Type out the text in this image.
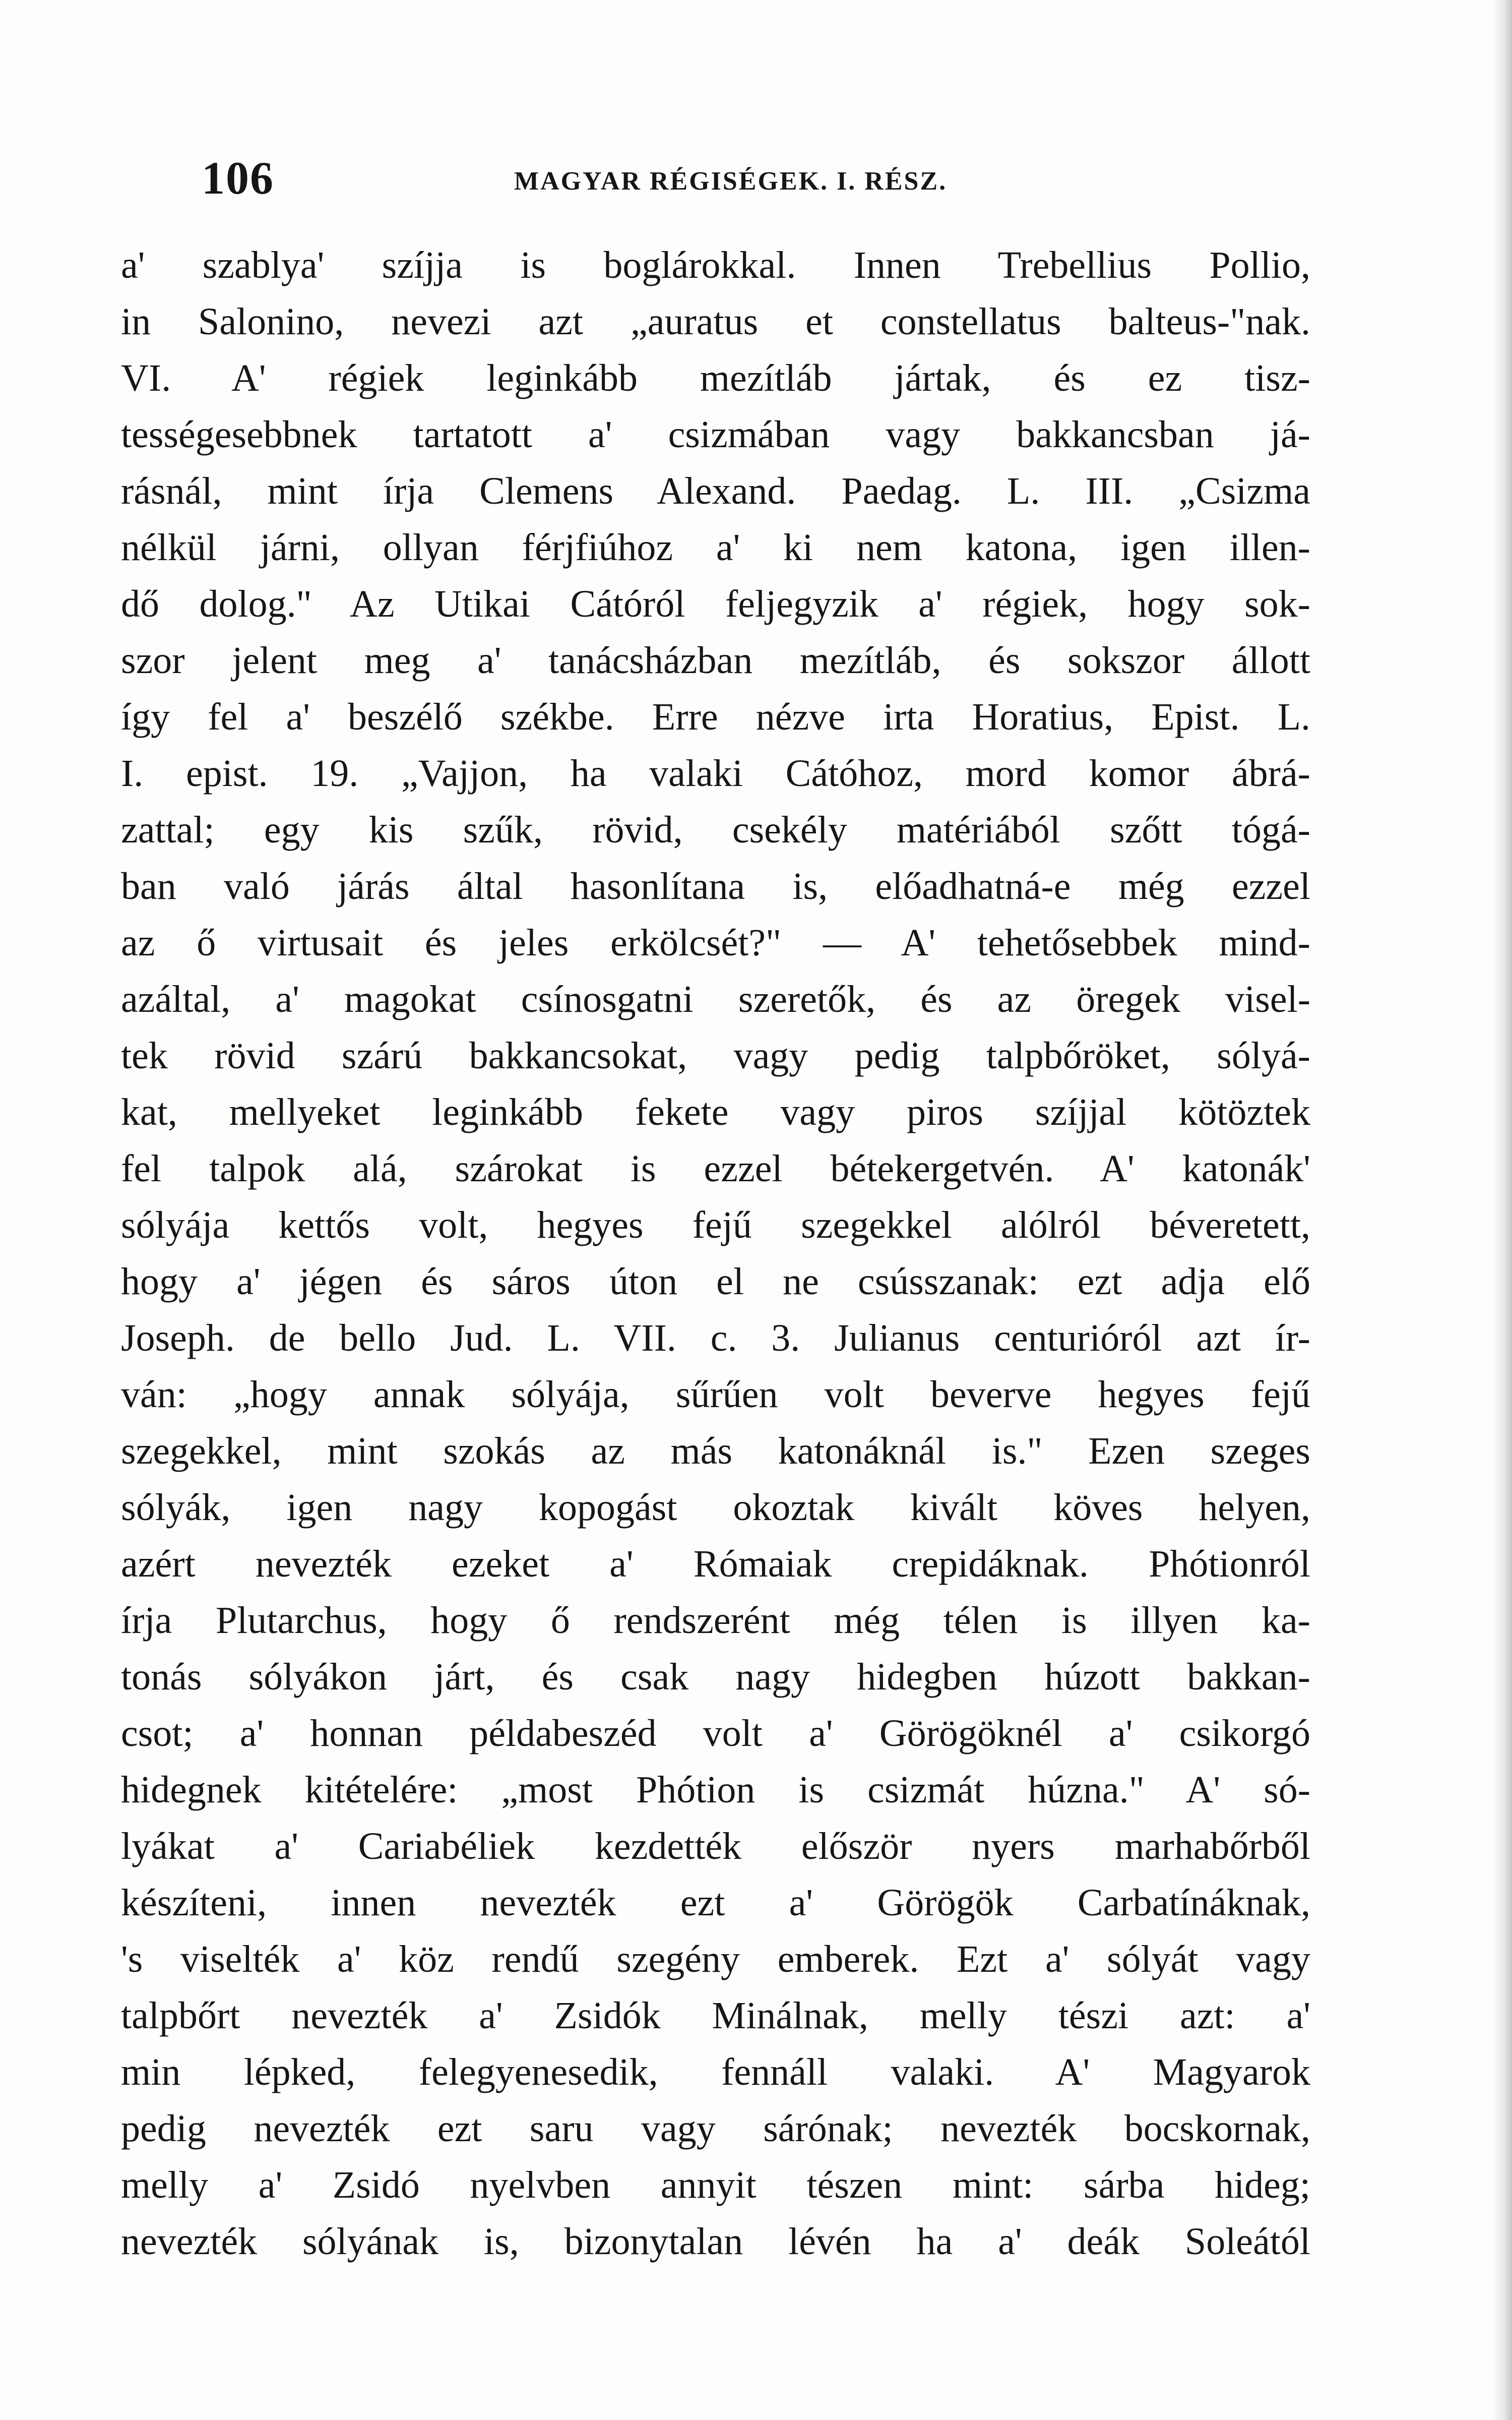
106	MAGYAR RÉGISÉGEK. I. RÉSZ.
a' szablya' szíjja is boglárokkal. Innen Trebellius Pollio,
in Salonino, nevezi azt „auratus et constellatus balteus-"nak.
VI. A' régiek leginkább mezítláb jártak, és ez tisz-
tességesebbnek tartatott a' csizmában vagy bakkancsban já-
rásnál, mint írja Clemens Alexand. Paedag. L. III. „Csizma
nélkül járni, ollyan férjfiúhoz a' ki nem katona, igen illen-
dő dolog." Az Utikai Cátóról feljegyzik a' régiek, hogy sok-
szor jelent meg a' tanácsházban mezítláb, és sokszor állott
így fel a' beszélő székbe. Erre nézve irta Horatius, Epist. L.
I. epist. 19. „Vajjon, ha valaki Cátóhoz, mord komor ábrá-
zattal; egy kis szűk, rövid, csekély matériából szőtt tógá-
ban való járás által hasonlítana is, előadhatná-e még ezzel
az ő virtusait és jeles erkölcsét?" — A' tehetősebbek mind-
azáltal, a' magokat csínosgatni szeretők, és az öregek visel-
tek rövid szárú bakkancsokat, vagy pedig talpbőröket, sólyá-
kat, mellyeket leginkább fekete vagy piros szíjjal kötöztek
fel talpok alá, szárokat is ezzel bétekergetvén. A' katonák'
sólyája kettős volt, hegyes fejű szegekkel alólról béveretett,
hogy a' jégen és sáros úton el ne csússzanak: ezt adja elő
Joseph. de bello Jud. L. VII. c. 3. Julianus centurióról azt ír-
ván: „hogy annak sólyája, sűrűen volt beverve hegyes fejű
szegekkel, mint szokás az más katonáknál is." Ezen szeges
sólyák, igen nagy kopogást okoztak kivált köves helyen,
azért nevezték ezeket a' Rómaiak crepidáknak. Phótionról
írja Plutarchus, hogy ő rendszerént még télen is illyen ka-
tonás sólyákon járt, és csak nagy hidegben húzott bakkan-
csot; a' honnan példabeszéd volt a' Görögöknél a' csikorgó
hidegnek kitételére: „most Phótion is csizmát húzna." A' só-
lyákat a' Cariabéliek kezdették először nyers marhabőrből
készíteni, innen nevezték ezt a' Görögök Carbatínáknak,
's viselték a' köz rendű szegény emberek. Ezt a' sólyát vagy
talpbőrt nevezték a' Zsidók Minálnak, melly tészi azt: a'
min lépked, felegyenesedik, fennáll valaki. A' Magyarok
pedig nevezték ezt saru vagy sárónak; nevezték bocskornak,
melly a' Zsidó nyelvben annyit tészen mint: sárba hideg;
nevezték sólyának is, bizonytalan lévén ha a' deák Soleától
